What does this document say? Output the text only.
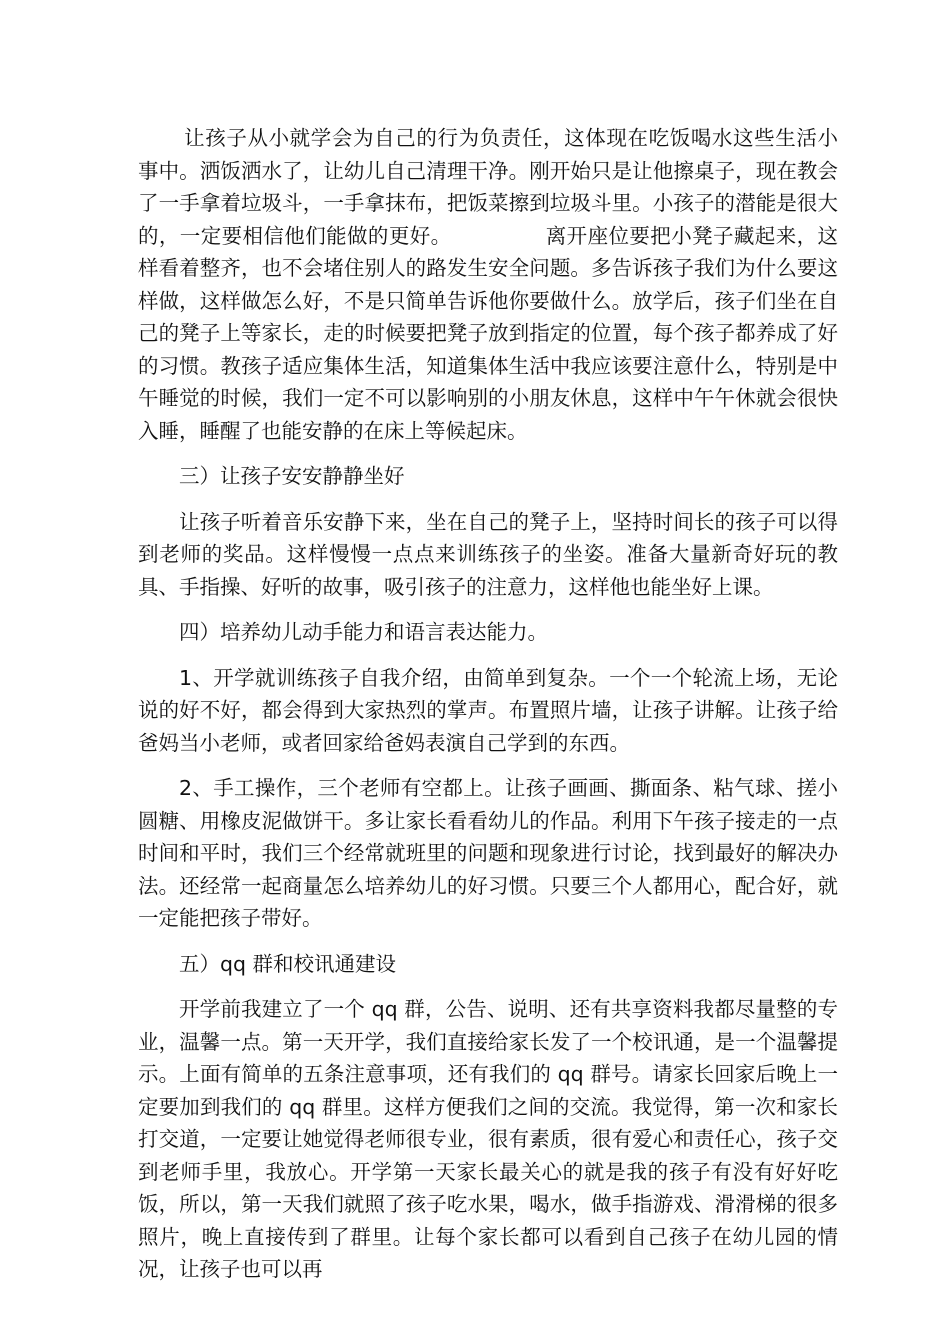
让孩子从小就学会为自己的行为负责任，这体现在吃饭喝水这些生活小事中。洒饭洒水了，让幼儿自己清理干净。刚开始只是让他擦桌子，现在教会了一手拿着垃圾斗，一手拿抹布，把饭菜擦到垃圾斗里。小孩子的潜能是很大的，一定要相信他们能做的更好。　　　　　离开座位要把小凳子藏起来，这样看着整齐，也不会堵住别人的路发生安全问题。多告诉孩子我们为什么要这样做，这样做怎么好，不是只简单告诉他你要做什么。放学后，孩子们坐在自己的凳子上等家长，走的时候要把凳子放到指定的位置，每个孩子都养成了好的习惯。教孩子适应集体生活，知道集体生活中我应该要注意什么，特别是中午睡觉的时候，我们一定不可以影响别的小朋友休息，这样中午午休就会很快入睡，睡醒了也能安静的在床上等候起床。

三）让孩子安安静静坐好

让孩子听着音乐安静下来，坐在自己的凳子上，坚持时间长的孩子可以得到老师的奖品。这样慢慢一点点来训练孩子的坐姿。准备大量新奇好玩的教具、手指操、好听的故事，吸引孩子的注意力，这样他也能坐好上课。

四）培养幼儿动手能力和语言表达能力。

1、开学就训练孩子自我介绍，由简单到复杂。一个一个轮流上场，无论说的好不好，都会得到大家热烈的掌声。布置照片墙，让孩子讲解。让孩子给爸妈当小老师，或者回家给爸妈表演自己学到的东西。

2、手工操作，三个老师有空都上。让孩子画画、撕面条、粘气球、搓小圆糖、用橡皮泥做饼干。多让家长看看幼儿的作品。利用下午孩子接走的一点时间和平时，我们三个经常就班里的问题和现象进行讨论，找到最好的解决办法。还经常一起商量怎么培养幼儿的好习惯。只要三个人都用心，配合好，就一定能把孩子带好。

五）qq 群和校讯通建设

开学前我建立了一个 qq 群，公告、说明、还有共享资料我都尽量整的专业，温馨一点。第一天开学，我们直接给家长发了一个校讯通，是一个温馨提示。上面有简单的五条注意事项，还有我们的 qq 群号。请家长回家后晚上一定要加到我们的 qq 群里。这样方便我们之间的交流。我觉得，第一次和家长打交道，一定要让她觉得老师很专业，很有素质，很有爱心和责任心，孩子交到老师手里，我放心。开学第一天家长最关心的就是我的孩子有没有好好吃饭，所以，第一天我们就照了孩子吃水果，喝水，做手指游戏、滑滑梯的很多照片，晚上直接传到了群里。让每个家长都可以看到自己孩子在幼儿园的情况，让孩子也可以再
